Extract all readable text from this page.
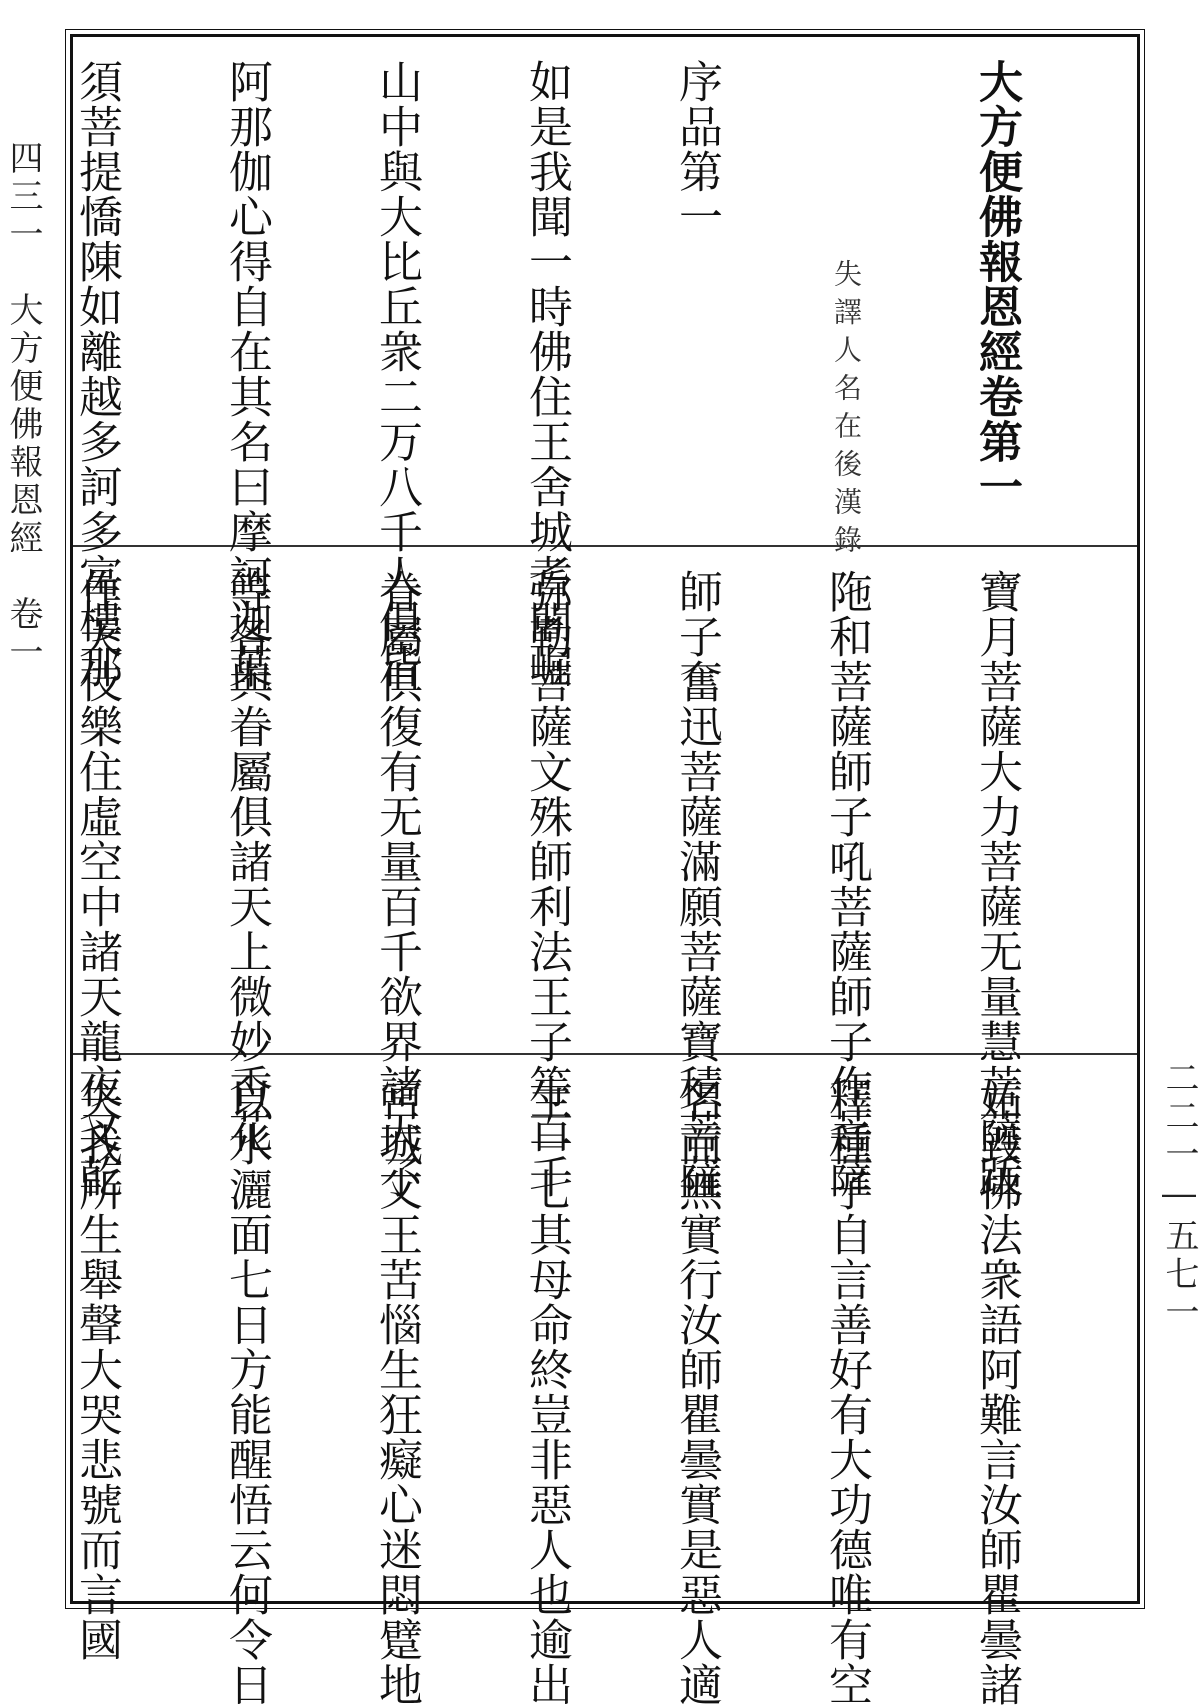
四三一　大方便佛報恩經　卷一
二二一―五七一

大方便佛報恩經卷第一

失譯人名在後漢錄

序品第一

如是我聞一時佛住王舍城耆闍崛

山中與大比丘衆二万八千人俱皆

阿那伽心得自在其名曰摩訶迦葉

須菩提憍陳如離越多訶多富樓那

寶月菩薩大力菩薩无量慧菩薩䟦

陁和菩薩師子吼菩薩師子作菩薩

師子奮迅菩薩滿願菩薩寶積菩薩

弥勒菩薩文殊師利法王子等百千

眷屬俱復有无量百千欲界諸天子

等各與眷屬俱諸天上微妙香花

作天伎樂住虛空中諸天龍夜叉乾

妬毀佛法衆語阿難言汝師瞿曇諸

釋種子自言善好有大功德唯有空

名而無實行汝師瞿曇實是惡人適

生一七其母命終豈非惡人也逾出

宮城父王苦惱生狂癡心迷悶躄地

以水灑面七日方能醒悟云何令日

失我所生舉聲大哭悲號而言國
